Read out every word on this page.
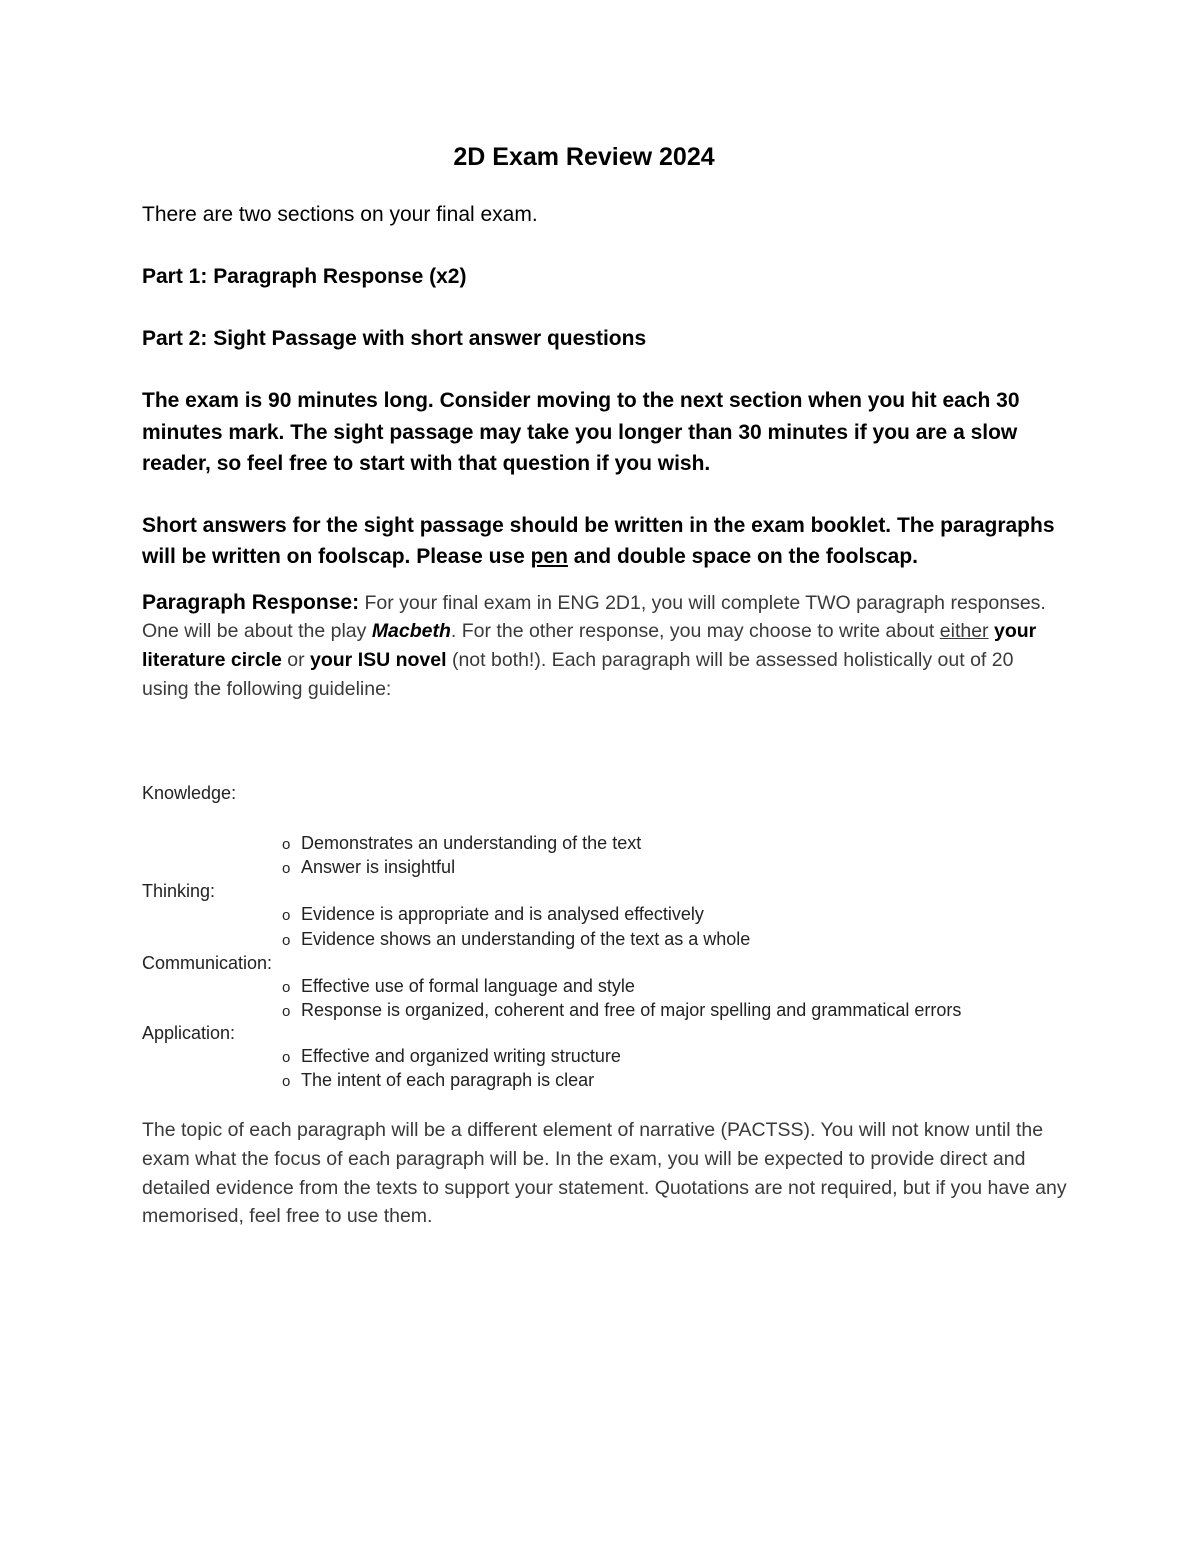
2D Exam Review 2024

There are two sections on your final exam.

Part 1: Paragraph Response (x2)

Part 2: Sight Passage with short answer questions

The exam is 90 minutes long. Consider moving to the next section when you hit each 30 minutes mark. The sight passage may take you longer than 30 minutes if you are a slow reader, so feel free to start with that question if you wish.

Short answers for the sight passage should be written in the exam booklet. The paragraphs will be written on foolscap. Please use pen and double space on the foolscap.

Paragraph Response: For your final exam in ENG 2D1, you will complete TWO paragraph responses. One will be about the play Macbeth. For the other response, you may choose to write about either your literature circle or your ISU novel (not both!). Each paragraph will be assessed holistically out of 20 using the following guideline:

Knowledge:
o Demonstrates an understanding of the text
o Answer is insightful
Thinking:
o Evidence is appropriate and is analysed effectively
o Evidence shows an understanding of the text as a whole
Communication:
o Effective use of formal language and style
o Response is organized, coherent and free of major spelling and grammatical errors
Application:
o Effective and organized writing structure
o The intent of each paragraph is clear

The topic of each paragraph will be a different element of narrative (PACTSS). You will not know until the exam what the focus of each paragraph will be. In the exam, you will be expected to provide direct and detailed evidence from the texts to support your statement. Quotations are not required, but if you have any memorised, feel free to use them.
